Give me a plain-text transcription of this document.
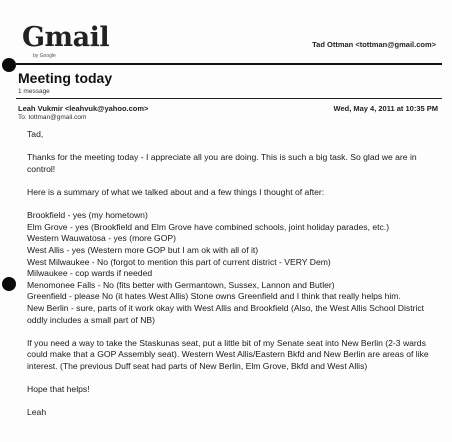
Gmail
by Google
Tad Ottman <tottman@gmail.com>
Meeting today
1 message
Leah Vukmir <leahvuk@yahoo.com>	Wed, May 4, 2011 at 10:35 PM
To: tottman@gmail.com

Tad,

Thanks for the meeting today - I appreciate all you are doing. This is such a big task. So glad we are in control!

Here is a summary of what we talked about and a few things I thought of after:

Brookfield - yes (my hometown)
Elm Grove - yes (Brookfield and Elm Grove have combined schools, joint holiday parades, etc.)
Western Wauwatosa - yes (more GOP)
West Allis - yes (Western more GOP but I am ok with all of it)
West Milwaukee - No (forgot to mention this part of current district - VERY Dem)
Milwaukee - cop wards if needed
Menomonee Falls - No (fits better with Germantown, Sussex, Lannon and Butler)
Greenfield - please No (it hates West Allis) Stone owns Greenfield and I think that really helps him.
New Berlin - sure, parts of it work okay with West Allis and Brookfield (Also, the West Allis School District oddly includes a small part of NB)

If you need a way to take the Staskunas seat, put a little bit of my Senate seat into New Berlin (2-3 wards could make that a GOP Assembly seat). Western West Allis/Eastern Bkfd and New Berlin are areas of like interest. (The previous Duff seat had parts of New Berlin, Elm Grove, Bkfd and West Allis)

Hope that helps!

Leah
